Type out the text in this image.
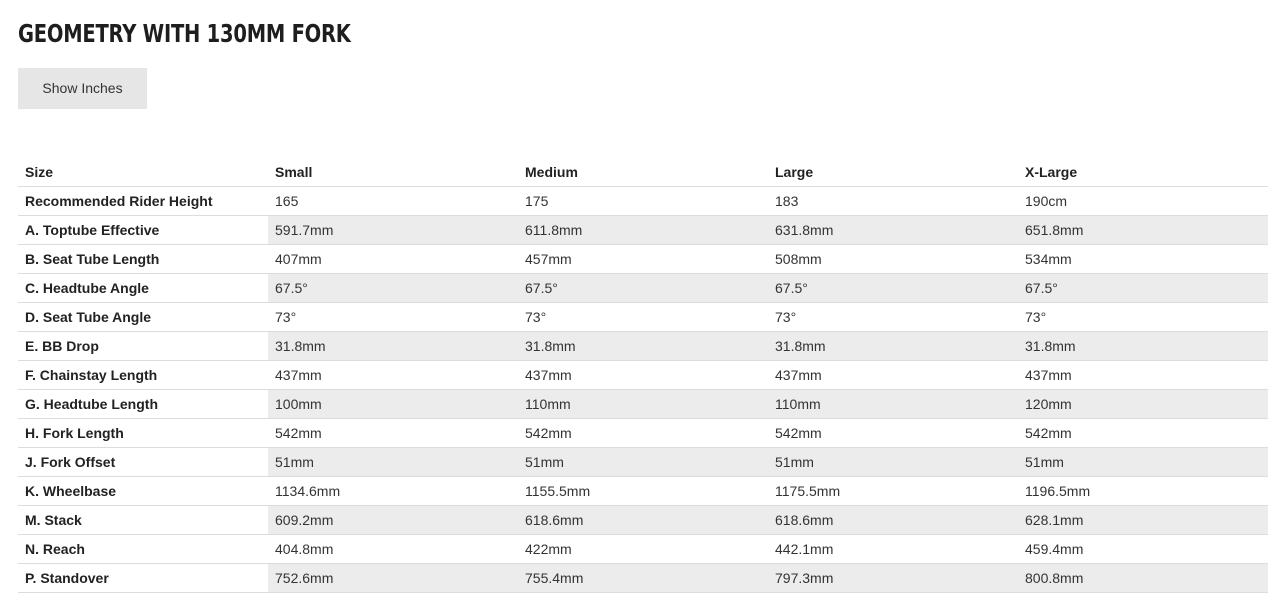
GEOMETRY WITH 130MM FORK
Show Inches
Size	Small	Medium	Large	X-Large
Recommended Rider Height	165	175	183	190cm
A. Toptube Effective	591.7mm	611.8mm	631.8mm	651.8mm
B. Seat Tube Length	407mm	457mm	508mm	534mm
C. Headtube Angle	67.5°	67.5°	67.5°	67.5°
D. Seat Tube Angle	73°	73°	73°	73°
E. BB Drop	31.8mm	31.8mm	31.8mm	31.8mm
F. Chainstay Length	437mm	437mm	437mm	437mm
G. Headtube Length	100mm	110mm	110mm	120mm
H. Fork Length	542mm	542mm	542mm	542mm
J. Fork Offset	51mm	51mm	51mm	51mm
K. Wheelbase	1134.6mm	1155.5mm	1175.5mm	1196.5mm
M. Stack	609.2mm	618.6mm	618.6mm	628.1mm
N. Reach	404.8mm	422mm	442.1mm	459.4mm
P. Standover	752.6mm	755.4mm	797.3mm	800.8mm
